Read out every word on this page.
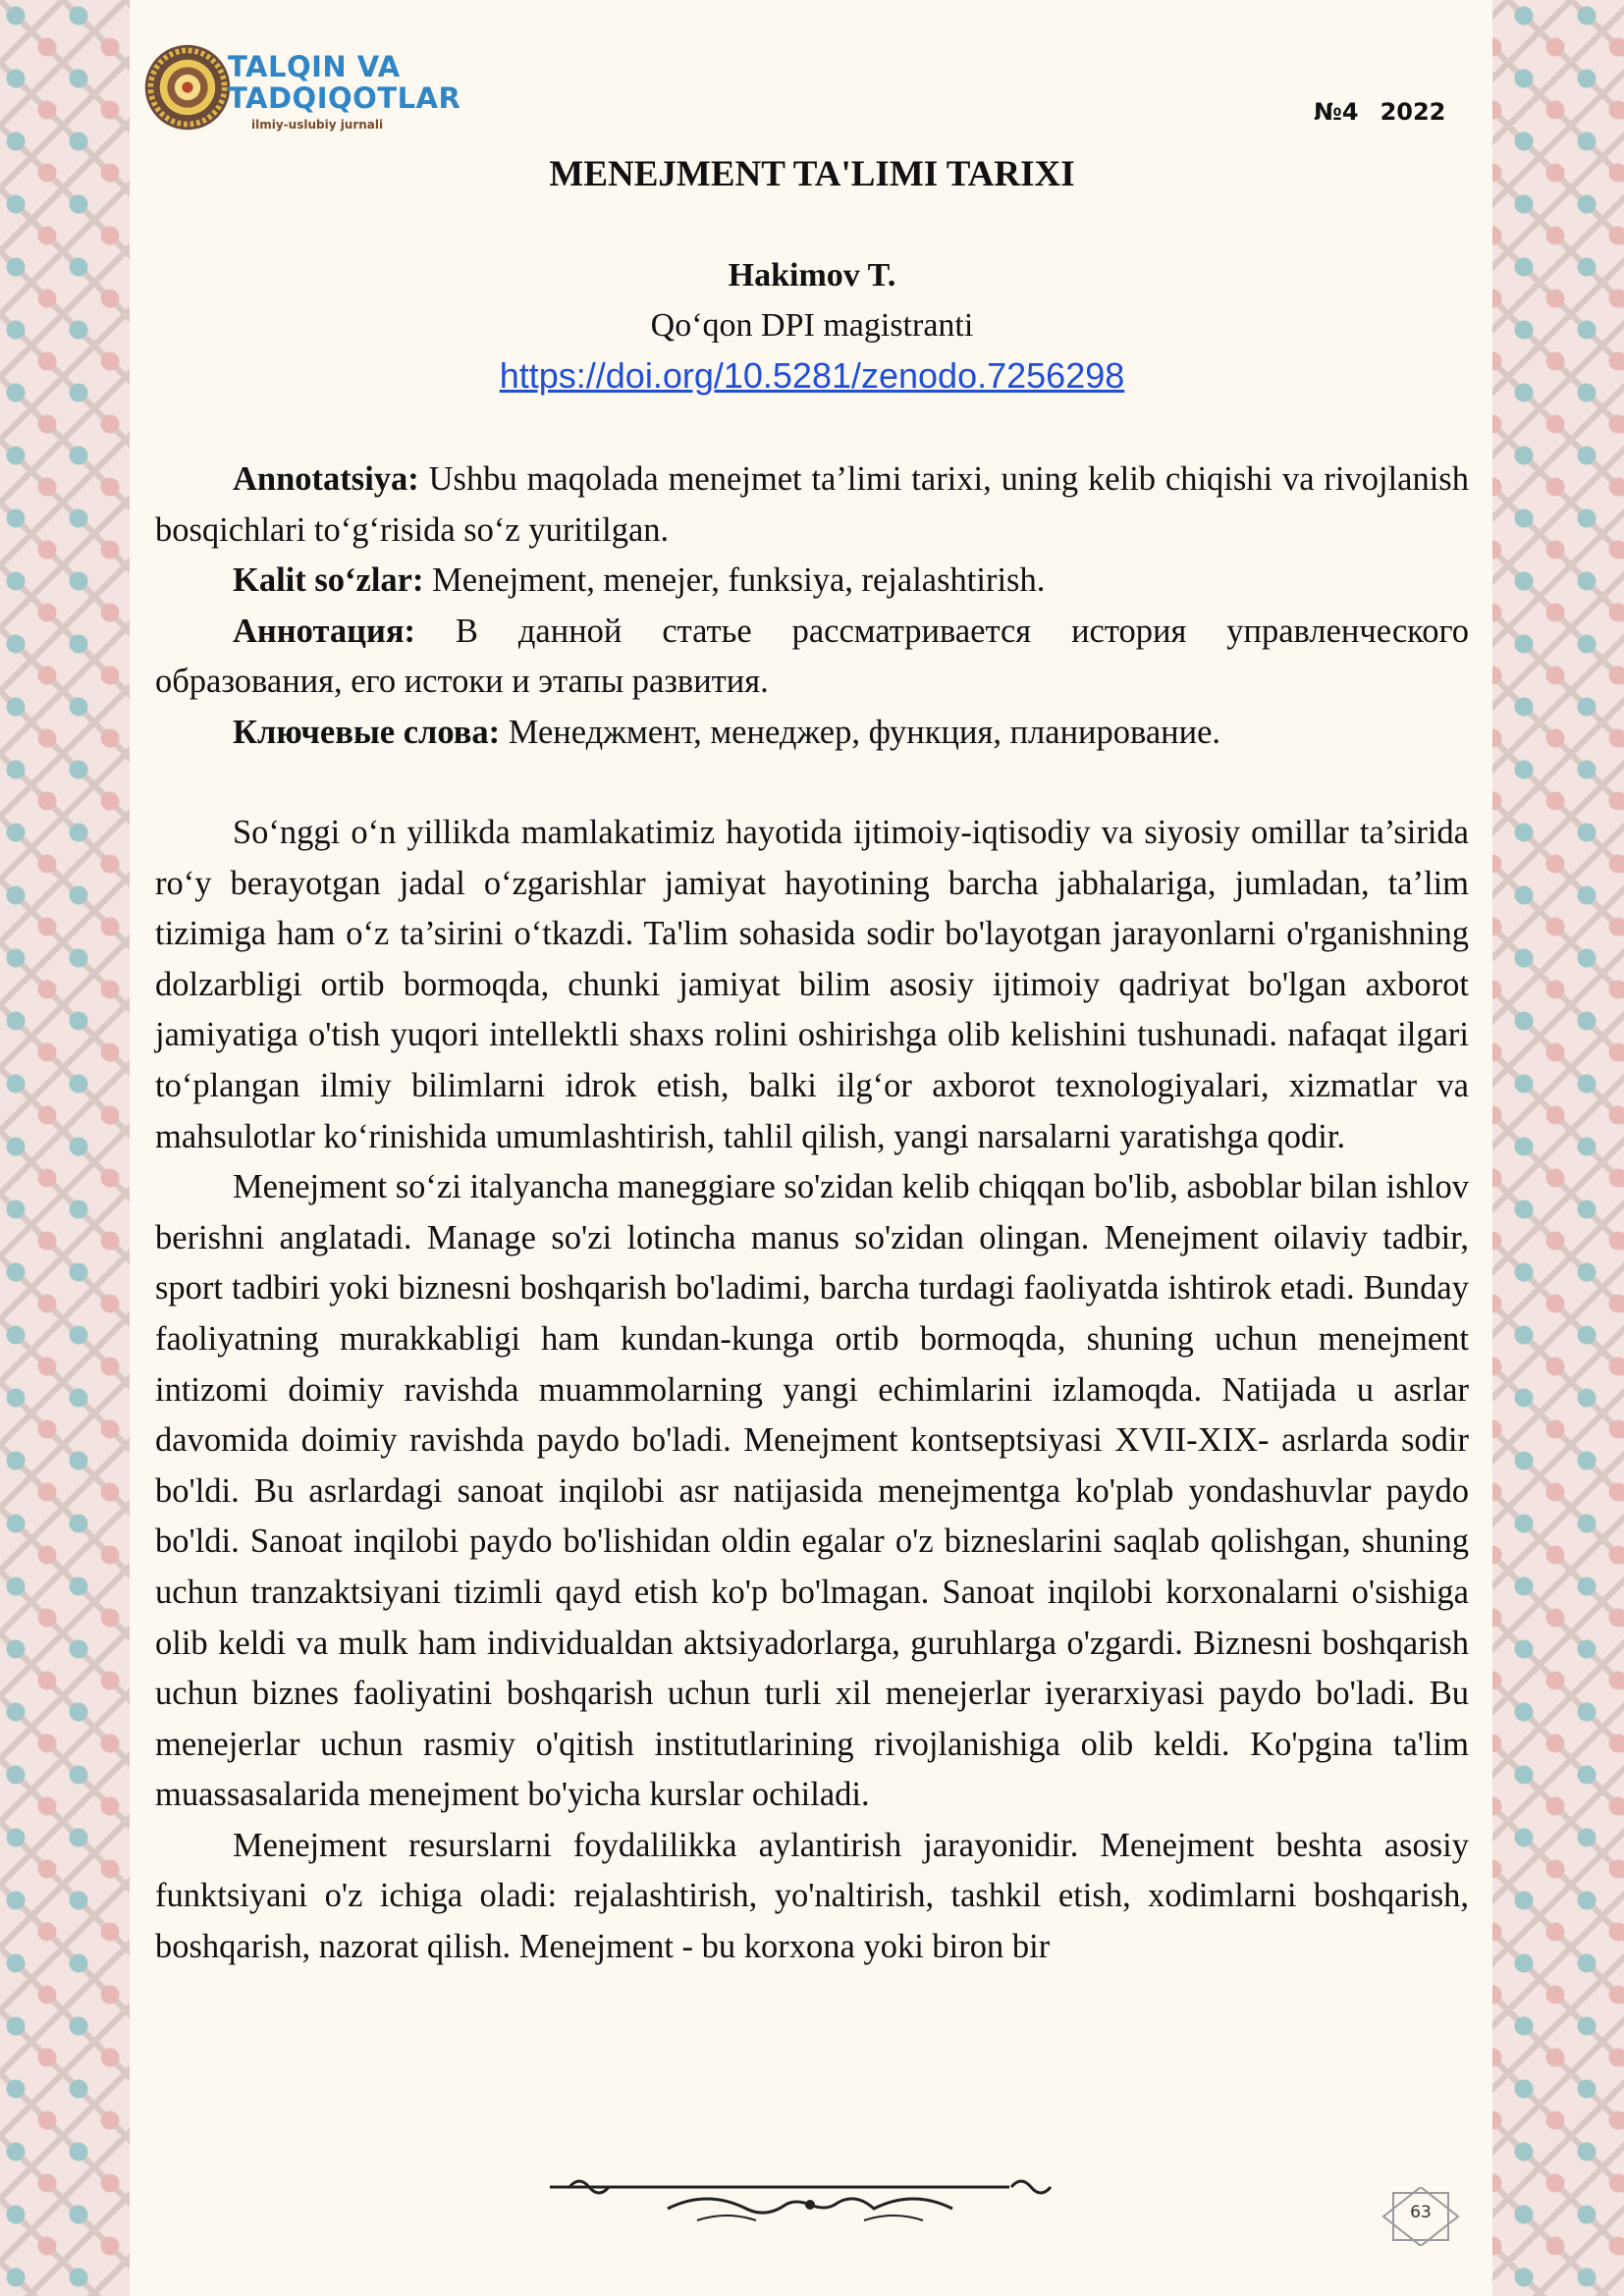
TALQIN VA
TADQIQOTLAR
ilmiy-uslubiy jurnali	№4 2022
MENEJMENT TA'LIMI TARIXI
Hakimov T.
Qo‘qon DPI magistranti
https://doi.org/10.5281/zenodo.7256298

Annotatsiya: Ushbu maqolada menejmet ta’limi tarixi, uning kelib chiqishi va rivojlanish bosqichlari to‘g‘risida so‘z yuritilgan.

Kalit so‘zlar: Menejment, menejer, funksiya, rejalashtirish.

Аннотация: В данной статье рассматривается история управленческого образования, его истоки и этапы развития.

Ключевые слова: Менеджмент, менеджер, функция, планирование.

So‘nggi o‘n yillikda mamlakatimiz hayotida ijtimoiy-iqtisodiy va siyosiy omillar ta’sirida ro‘y berayotgan jadal o‘zgarishlar jamiyat hayotining barcha jabhalariga, jumladan, ta’lim tizimiga ham o‘z ta’sirini o‘tkazdi. Ta'lim sohasida sodir bo'layotgan jarayonlarni o'rganishning dolzarbligi ortib bormoqda, chunki jamiyat bilim asosiy ijtimoiy qadriyat bo'lgan axborot jamiyatiga o'tish yuqori intellektli shaxs rolini oshirishga olib kelishini tushunadi. nafaqat ilgari to‘plangan ilmiy bilimlarni idrok etish, balki ilg‘or axborot texnologiyalari, xizmatlar va mahsulotlar ko‘rinishida umumlashtirish, tahlil qilish, yangi narsalarni yaratishga qodir.

Menejment so‘zi italyancha maneggiare so'zidan kelib chiqqan bo'lib, asboblar bilan ishlov berishni anglatadi. Manage so'zi lotincha manus so'zidan olingan. Menejment oilaviy tadbir, sport tadbiri yoki biznesni boshqarish bo'ladimi, barcha turdagi faoliyatda ishtirok etadi. Bunday faoliyatning murakkabligi ham kundan-kunga ortib bormoqda, shuning uchun menejment intizomi doimiy ravishda muammolarning yangi echimlarini izlamoqda. Natijada u asrlar davomida doimiy ravishda paydo bo'ladi. Menejment kontseptsiyasi XVII-XIX- asrlarda sodir bo'ldi. Bu asrlardagi sanoat inqilobi asr natijasida menejmentga ko'plab yondashuvlar paydo bo'ldi. Sanoat inqilobi paydo bo'lishidan oldin egalar o'z bizneslarini saqlab qolishgan, shuning uchun tranzaktsiyani tizimli qayd etish ko'p bo'lmagan. Sanoat inqilobi korxonalarni o'sishiga olib keldi va mulk ham individualdan aktsiyadorlarga, guruhlarga o'zgardi. Biznesni boshqarish uchun biznes faoliyatini boshqarish uchun turli xil menejerlar iyerarxiyasi paydo bo'ladi. Bu menejerlar uchun rasmiy o'qitish institutlarining rivojlanishiga olib keldi. Ko'pgina ta'lim muassasalarida menejment bo'yicha kurslar ochiladi.

Menejment resurslarni foydalilikka aylantirish jarayonidir. Menejment beshta asosiy funktsiyani o'z ichiga oladi: rejalashtirish, yo'naltirish, tashkil etish, xodimlarni boshqarish, boshqarish, nazorat qilish. Menejment - bu korxona yoki biron bir

63
